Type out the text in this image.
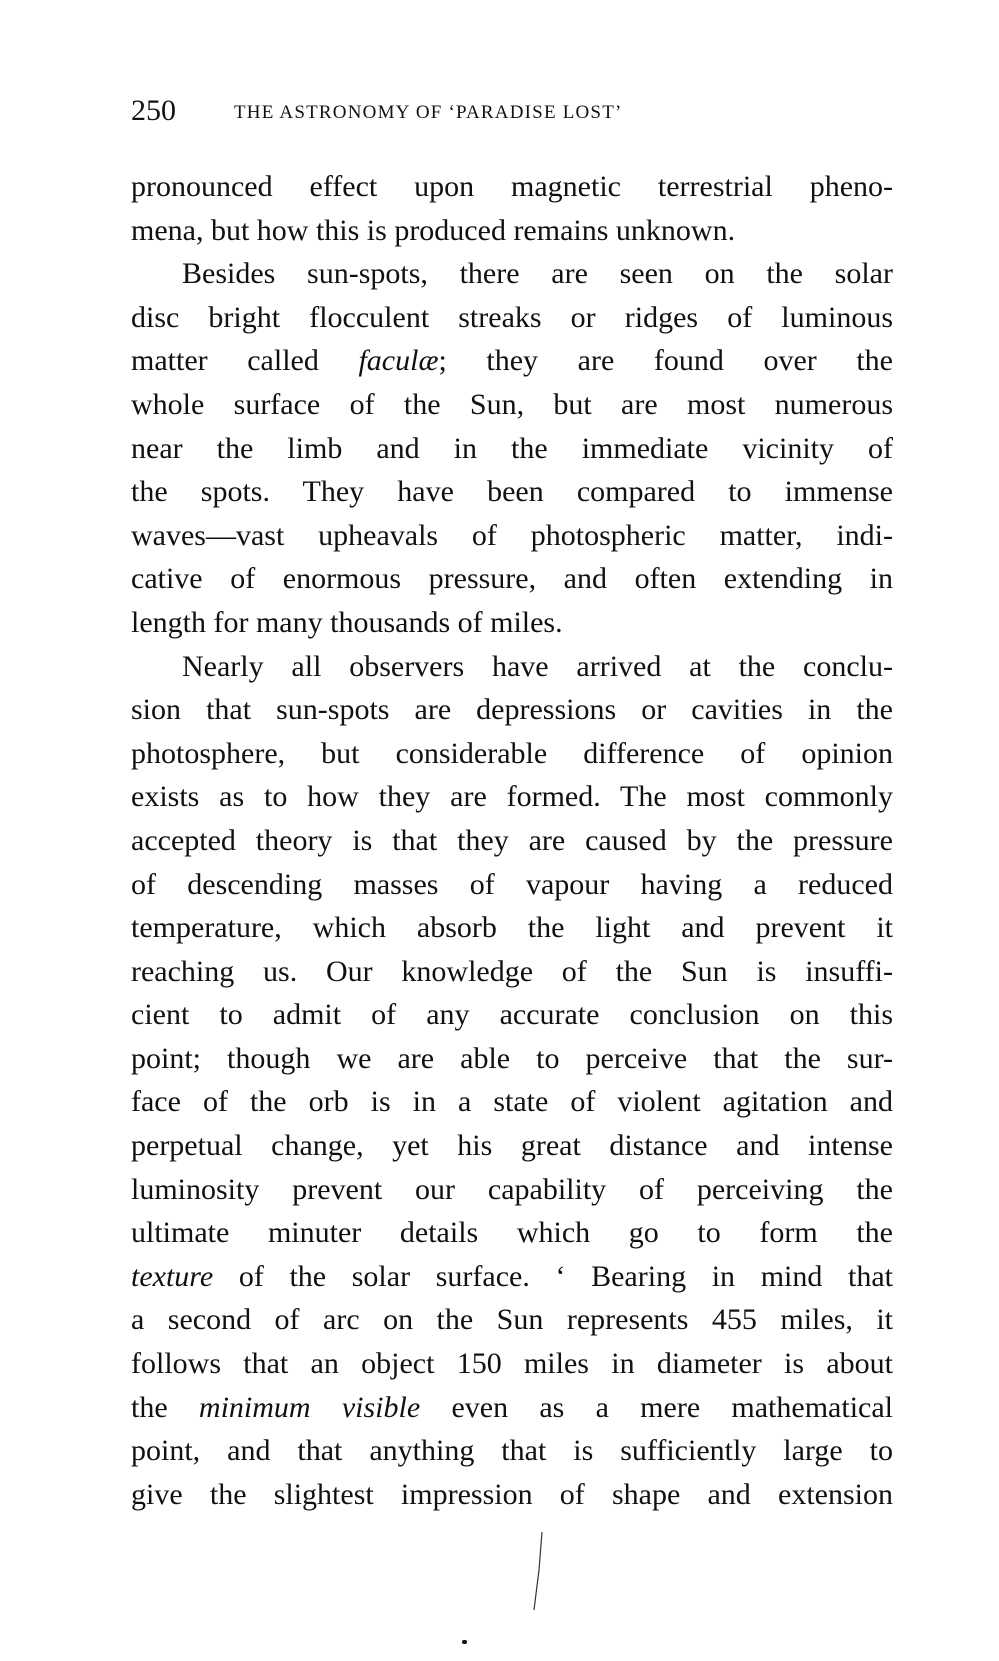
250	THE ASTRONOMY OF ‘PARADISE LOST’
pronounced effect upon magnetic terrestrial pheno-
mena, but how this is produced remains unknown.
Besides sun-spots, there are seen on the solar
disc bright flocculent streaks or ridges of luminous
matter called faculæ; they are found over the
whole surface of the Sun, but are most numerous
near the limb and in the immediate vicinity of
the spots. They have been compared to immense
waves—vast upheavals of photospheric matter, indi-
cative of enormous pressure, and often extending in
length for many thousands of miles.
Nearly all observers have arrived at the conclu-
sion that sun-spots are depressions or cavities in the
photosphere, but considerable difference of opinion
exists as to how they are formed. The most commonly
accepted theory is that they are caused by the pressure
of descending masses of vapour having a reduced
temperature, which absorb the light and prevent it
reaching us. Our knowledge of the Sun is insuffi-
cient to admit of any accurate conclusion on this
point; though we are able to perceive that the sur-
face of the orb is in a state of violent agitation and
perpetual change, yet his great distance and intense
luminosity prevent our capability of perceiving the
ultimate minuter details which go to form the
texture of the solar surface. ‘ Bearing in mind that
a second of arc on the Sun represents 455 miles, it
follows that an object 150 miles in diameter is about
the minimum visible even as a mere mathematical
point, and that anything that is sufficiently large to
give the slightest impression of shape and extension
